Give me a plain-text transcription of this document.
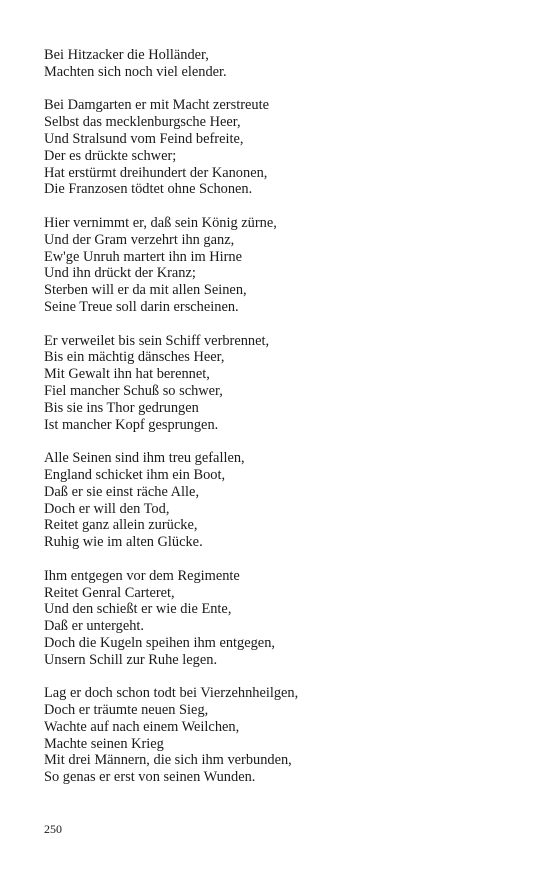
Bei Hitzacker die Holländer,
Machten sich noch viel elender.
Bei Damgarten er mit Macht zerstreute
Selbst das mecklenburgsche Heer,
Und Stralsund vom Feind befreite,
Der es drückte schwer;
Hat erstürmt dreihundert der Kanonen,
Die Franzosen tödtet ohne Schonen.
Hier vernimmt er, daß sein König zürne,
Und der Gram verzehrt ihn ganz,
Ew'ge Unruh martert ihn im Hirne
Und ihn drückt der Kranz;
Sterben will er da mit allen Seinen,
Seine Treue soll darin erscheinen.
Er verweilet bis sein Schiff verbrennet,
Bis ein mächtig dänsches Heer,
Mit Gewalt ihn hat berennet,
Fiel mancher Schuß so schwer,
Bis sie ins Thor gedrungen
Ist mancher Kopf gesprungen.
Alle Seinen sind ihm treu gefallen,
England schicket ihm ein Boot,
Daß er sie einst räche Alle,
Doch er will den Tod,
Reitet ganz allein zurücke,
Ruhig wie im alten Glücke.
Ihm entgegen vor dem Regimente
Reitet Genral Carteret,
Und den schießt er wie die Ente,
Daß er untergeht.
Doch die Kugeln speihen ihm entgegen,
Unsern Schill zur Ruhe legen.
Lag er doch schon todt bei Vierzehnheilgen,
Doch er träumte neuen Sieg,
Wachte auf nach einem Weilchen,
Machte seinen Krieg
Mit drei Männern, die sich ihm verbunden,
So genas er erst von seinen Wunden.
250
